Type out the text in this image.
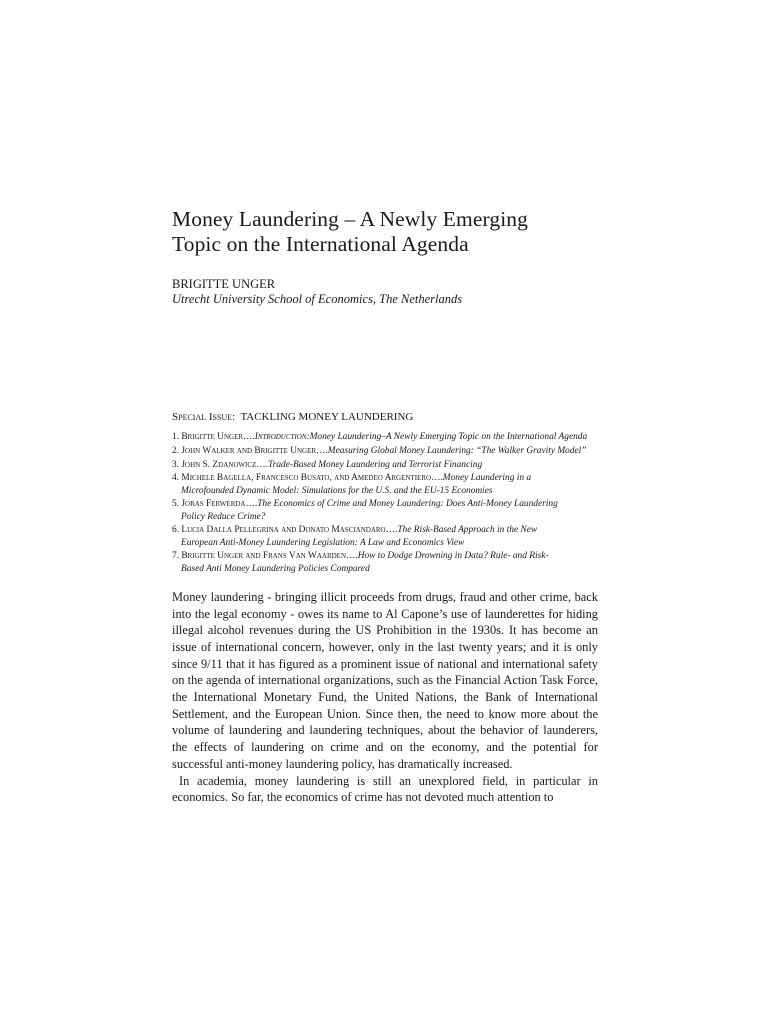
Money Laundering – A Newly Emerging
Topic on the International Agenda
BRIGITTE UNGER
Utrecht University School of Economics, The Netherlands
Special Issue: TACKLING MONEY LAUNDERING
1. Brigitte Unger….Introduction:Money Laundering–A Newly Emerging Topic on the International Agenda
2. John Walker and Brigitte Unger….Measuring Global Money Laundering: “The Walker Gravity Model”
3. John S. Zdanowicz….Trade-Based Money Laundering and Terrorist Financing
4. Michele Bagella, Francesco Busato, and Amedeo Argentiero….Money Laundering in a
Microfounded Dynamic Model: Simulations for the U.S. and the EU-15 Economies
5. Joras Ferwerda….The Economics of Crime and Money Laundering: Does Anti-Money Laundering
Policy Reduce Crime?
6. Lucia Dalla Pellegrina and Donato Masciandaro….The Risk-Based Approach in the New
European Anti-Money Laundering Legislation: A Law and Economics View
7. Brigitte Unger and Frans Van Waarden….How to Dodge Drowning in Data? Rule- and Risk-
Based Anti Money Laundering Policies Compared

Money laundering - bringing illicit proceeds from drugs, fraud and other crime, back into the legal economy - owes its name to Al Capone’s use of launderettes for hiding illegal alcohol revenues during the US Prohibition in the 1930s. It has become an issue of international concern, however, only in the last twenty years; and it is only since 9/11 that it has figured as a prominent issue of national and international safety on the agenda of international organizations, such as the Financial Action Task Force, the International Monetary Fund, the United Nations, the Bank of International Settlement, and the European Union. Since then, the need to know more about the volume of laundering and laundering techniques, about the behavior of launderers, the effects of laundering on crime and on the economy, and the potential for successful anti-money laundering policy, has dramatically increased.

In academia, money laundering is still an unexplored field, in particular in economics. So far, the economics of crime has not devoted much attention to
